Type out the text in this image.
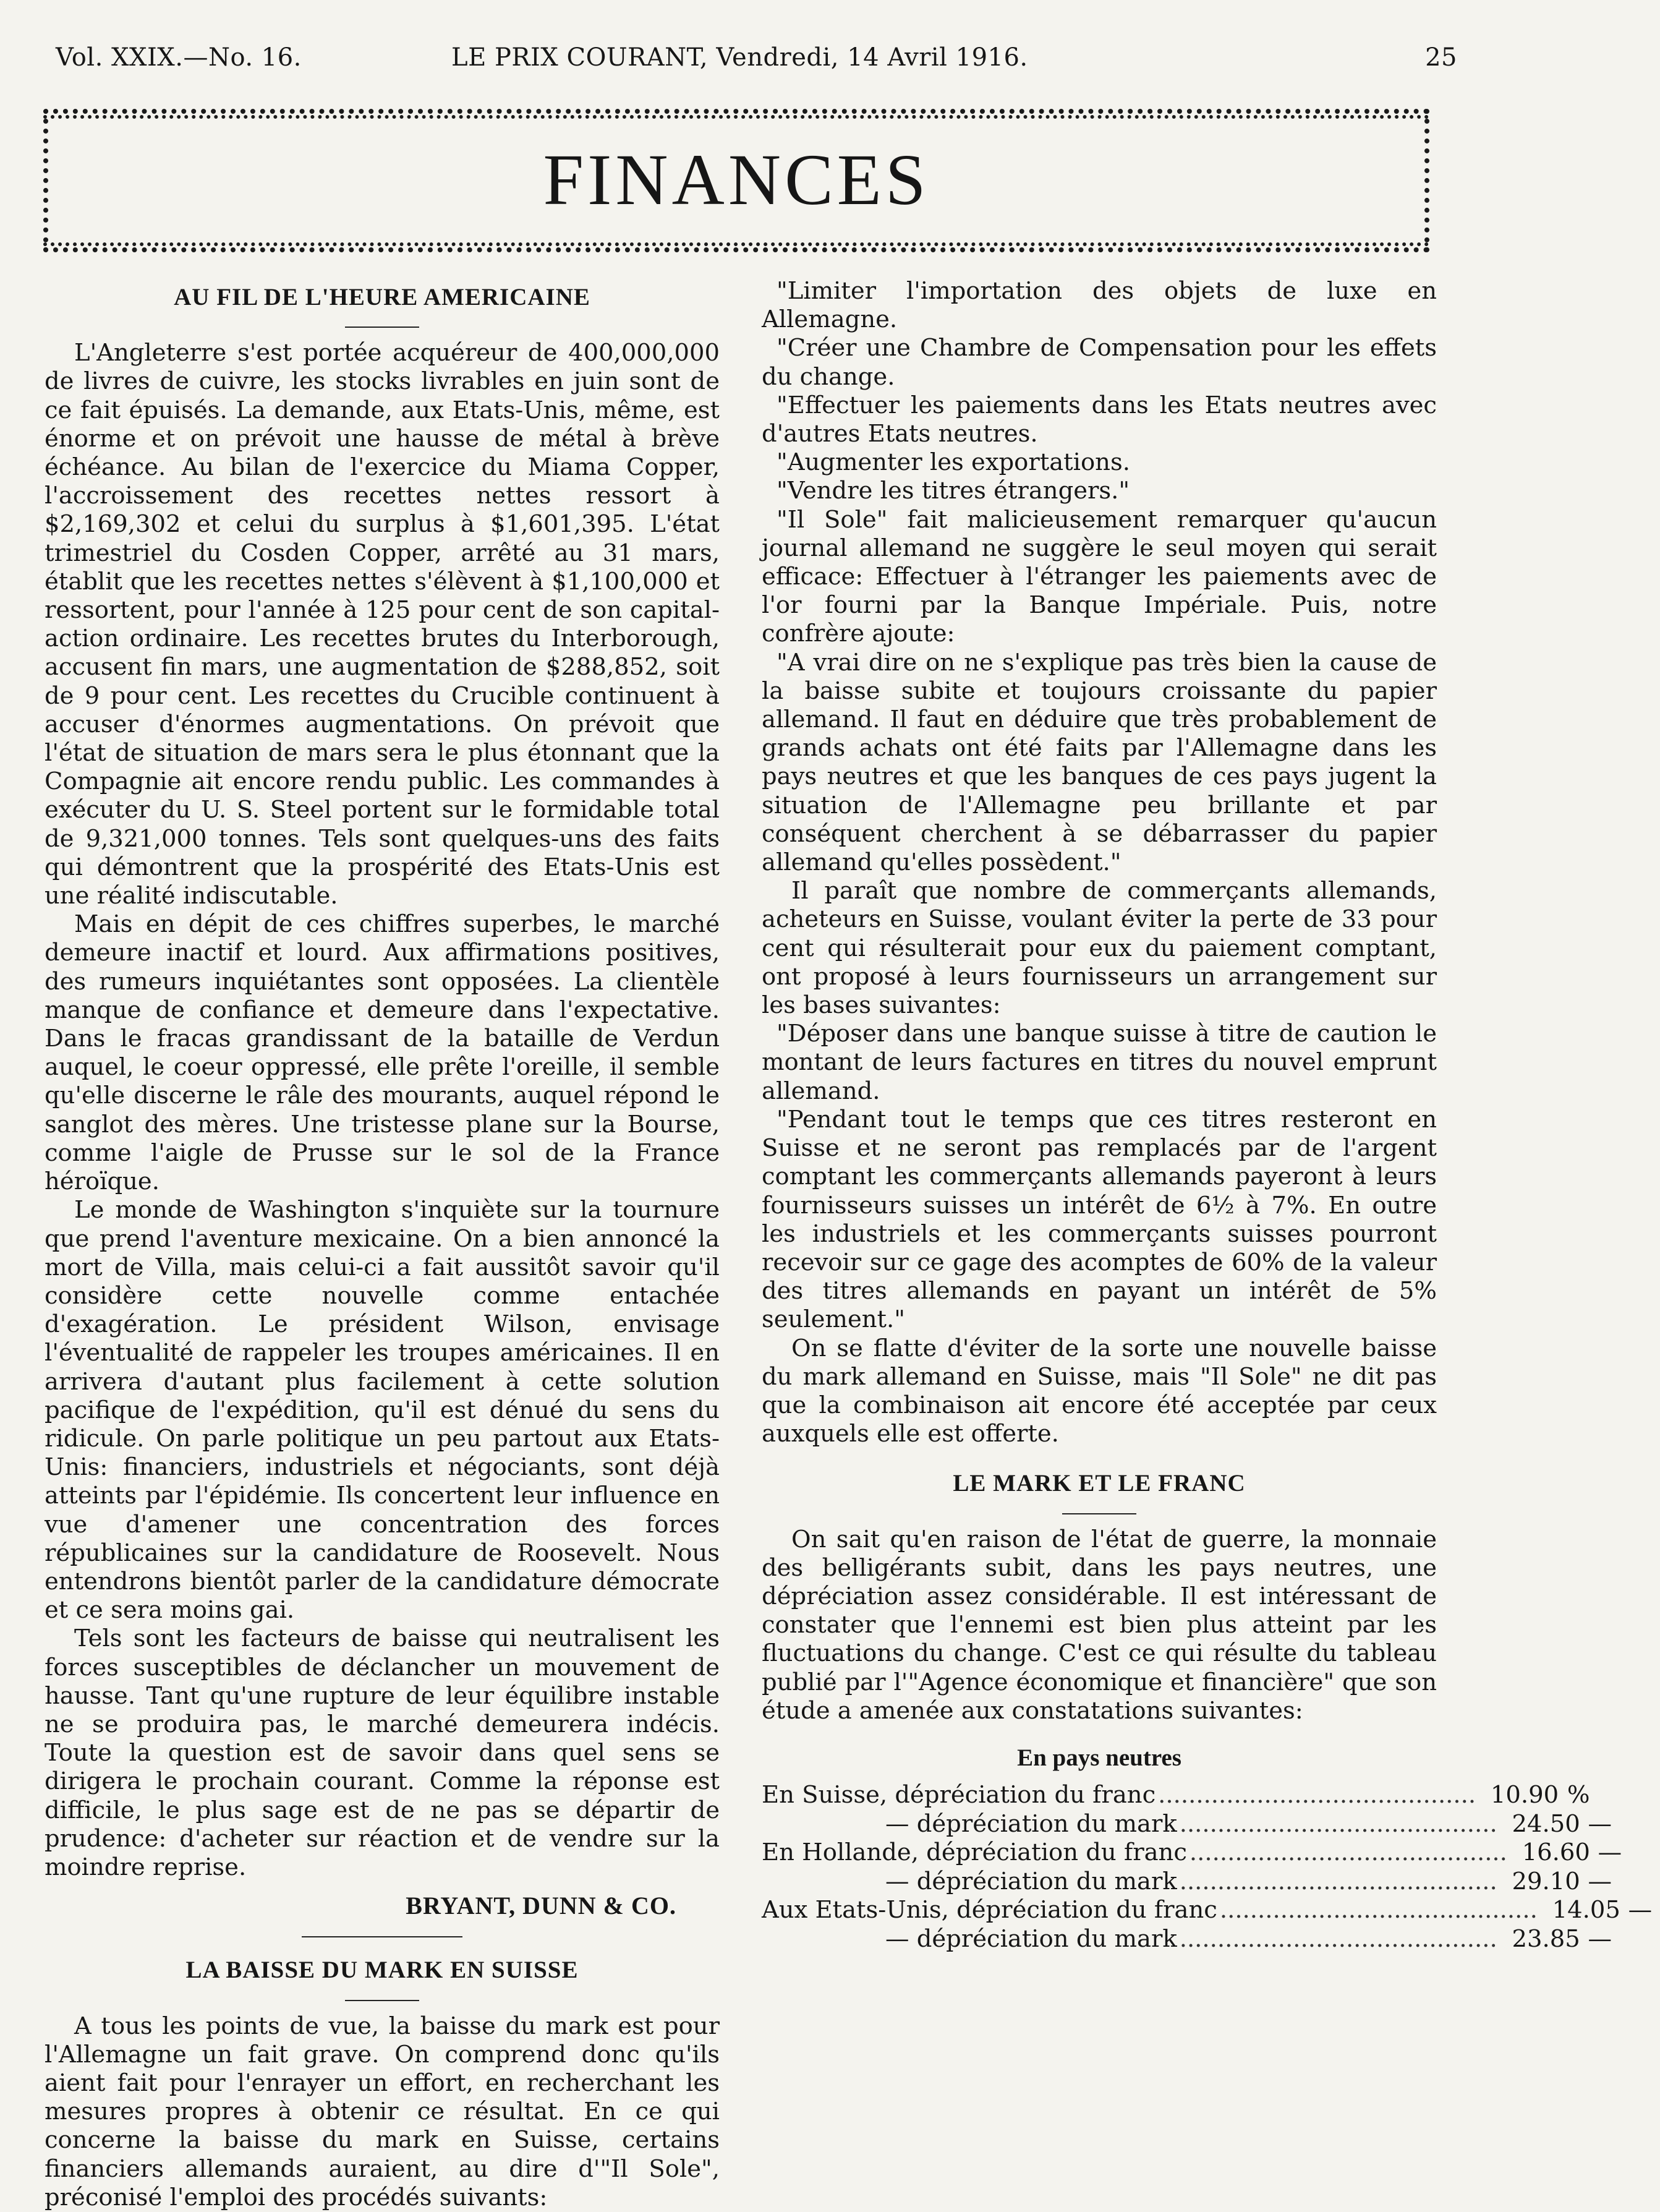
Vol. XXIX.—No. 16.	LE PRIX COURANT, Vendredi, 14 Avril 1916.	25
FINANCES
AU FIL DE L'HEURE AMERICAINE

L'Angleterre s'est portée acquéreur de 400,000,000 de livres de cuivre, les stocks livrables en juin sont de ce fait épuisés. La demande, aux Etats-Unis, même, est énorme et on prévoit une hausse de métal à brève échéance. Au bilan de l'exercice du Miama Copper, l'accroissement des recettes nettes ressort à $2,169,302 et celui du surplus à $1,601,395. L'état trimestriel du Cosden Copper, arrêté au 31 mars, établit que les recettes nettes s'élèvent à $1,100,000 et ressortent, pour l'année à 125 pour cent de son capital-action ordinaire. Les recettes brutes du Interborough, accusent fin mars, une augmentation de $288,852, soit de 9 pour cent. Les recettes du Crucible continuent à accuser d'énormes augmentations. On prévoit que l'état de situation de mars sera le plus étonnant que la Compagnie ait encore rendu public. Les commandes à exécuter du U. S. Steel portent sur le formidable total de 9,321,000 tonnes. Tels sont quelques-uns des faits qui démontrent que la prospérité des Etats-Unis est une réalité indiscutable.

Mais en dépit de ces chiffres superbes, le marché demeure inactif et lourd. Aux affirmations positives, des rumeurs inquiétantes sont opposées. La clientèle manque de confiance et demeure dans l'expectative. Dans le fracas grandissant de la bataille de Verdun auquel, le coeur oppressé, elle prête l'oreille, il semble qu'elle discerne le râle des mourants, auquel répond le sanglot des mères. Une tristesse plane sur la Bourse, comme l'aigle de Prusse sur le sol de la France héroïque.

Le monde de Washington s'inquiète sur la tournure que prend l'aventure mexicaine. On a bien annoncé la mort de Villa, mais celui-ci a fait aussitôt savoir qu'il considère cette nouvelle comme entachée d'exagération. Le président Wilson, envisage l'éventualité de rappeler les troupes américaines. Il en arrivera d'autant plus facilement à cette solution pacifique de l'expédition, qu'il est dénué du sens du ridicule. On parle politique un peu partout aux Etats-Unis: financiers, industriels et négociants, sont déjà atteints par l'épidémie. Ils concertent leur influence en vue d'amener une concentration des forces républicaines sur la candidature de Roosevelt. Nous entendrons bientôt parler de la candidature démocrate et ce sera moins gai.

Tels sont les facteurs de baisse qui neutralisent les forces susceptibles de déclancher un mouvement de hausse. Tant qu'une rupture de leur équilibre instable ne se produira pas, le marché demeurera indécis. Toute la question est de savoir dans quel sens se dirigera le prochain courant. Comme la réponse est difficile, le plus sage est de ne pas se départir de prudence: d'acheter sur réaction et de vendre sur la moindre reprise.

BRYANT, DUNN & CO.
LA BAISSE DU MARK EN SUISSE

A tous les points de vue, la baisse du mark est pour l'Allemagne un fait grave. On comprend donc qu'ils aient fait pour l'enrayer un effort, en recherchant les mesures propres à obtenir ce résultat. En ce qui concerne la baisse du mark en Suisse, certains financiers allemands auraient, au dire d'"Il Sole", préconisé l'emploi des procédés suivants:

"Limiter l'importation des objets de luxe en Allemagne.

"Créer une Chambre de Compensation pour les effets du change.

"Effectuer les paiements dans les Etats neutres avec d'autres Etats neutres.

"Augmenter les exportations.

"Vendre les titres étrangers."

"Il Sole" fait malicieusement remarquer qu'aucun journal allemand ne suggère le seul moyen qui serait efficace: Effectuer à l'étranger les paiements avec de l'or fourni par la Banque Impériale. Puis, notre confrère ajoute:

"A vrai dire on ne s'explique pas très bien la cause de la baisse subite et toujours croissante du papier allemand. Il faut en déduire que très probablement de grands achats ont été faits par l'Allemagne dans les pays neutres et que les banques de ces pays jugent la situation de l'Allemagne peu brillante et par conséquent cherchent à se débarrasser du papier allemand qu'elles possèdent."

Il paraît que nombre de commerçants allemands, acheteurs en Suisse, voulant éviter la perte de 33 pour cent qui résulterait pour eux du paiement comptant, ont proposé à leurs fournisseurs un arrangement sur les bases suivantes:

"Déposer dans une banque suisse à titre de caution le montant de leurs factures en titres du nouvel emprunt allemand.

"Pendant tout le temps que ces titres resteront en Suisse et ne seront pas remplacés par de l'argent comptant les commerçants allemands payeront à leurs fournisseurs suisses un intérêt de 6½ à 7%. En outre les industriels et les commerçants suisses pourront recevoir sur ce gage des acomptes de 60% de la valeur des titres allemands en payant un intérêt de 5% seulement."

On se flatte d'éviter de la sorte une nouvelle baisse du mark allemand en Suisse, mais "Il Sole" ne dit pas que la combinaison ait encore été acceptée par ceux auxquels elle est offerte.

LE MARK ET LE FRANC

On sait qu'en raison de l'état de guerre, la monnaie des belligérants subit, dans les pays neutres, une dépréciation assez considérable. Il est intéressant de constater que l'ennemi est bien plus atteint par les fluctuations du change. C'est ce qui résulte du tableau publié par l'"Agence économique et financière" que son étude a amenée aux constatations suivantes:

En pays neutres
En Suisse, dépréciation du franc .......................................... 10.90 %
— dépréciation du mark .......................................... 24.50 —
En Hollande, dépréciation du franc .......................................... 16.60 —
— dépréciation du mark .......................................... 29.10 —
Aux Etats-Unis, dépréciation du franc .......................................... 14.05 —
— dépréciation du mark .......................................... 23.85 —
